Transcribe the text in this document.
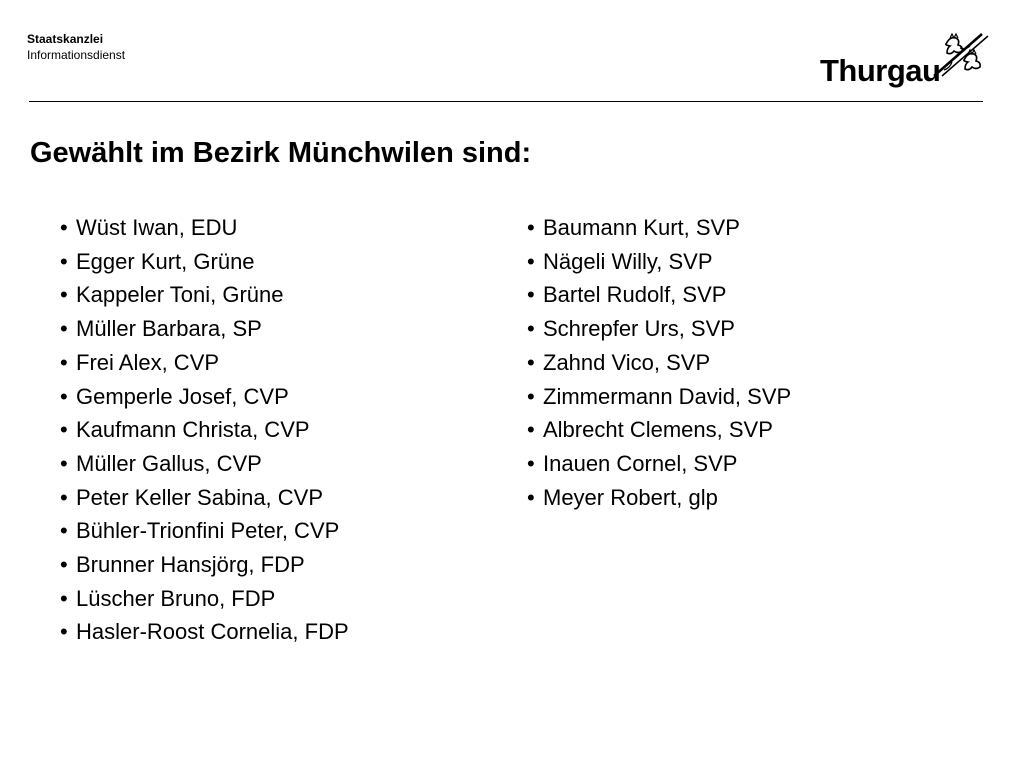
Staatskanzlei
Informationsdienst	Thurgau
Gewählt im Bezirk Münchwilen sind:
• Wüst Iwan, EDU
• Egger Kurt, Grüne
• Kappeler Toni, Grüne
• Müller Barbara, SP
• Frei Alex, CVP
• Gemperle Josef, CVP
• Kaufmann Christa, CVP
• Müller Gallus, CVP
• Peter Keller Sabina, CVP
• Bühler-Trionfini Peter, CVP
• Brunner Hansjörg, FDP
• Lüscher Bruno, FDP
• Hasler-Roost Cornelia, FDP
• Baumann Kurt, SVP
• Nägeli Willy, SVP
• Bartel Rudolf, SVP
• Schrepfer Urs, SVP
• Zahnd Vico, SVP
• Zimmermann David, SVP
• Albrecht Clemens, SVP
• Inauen Cornel, SVP
• Meyer Robert, glp
